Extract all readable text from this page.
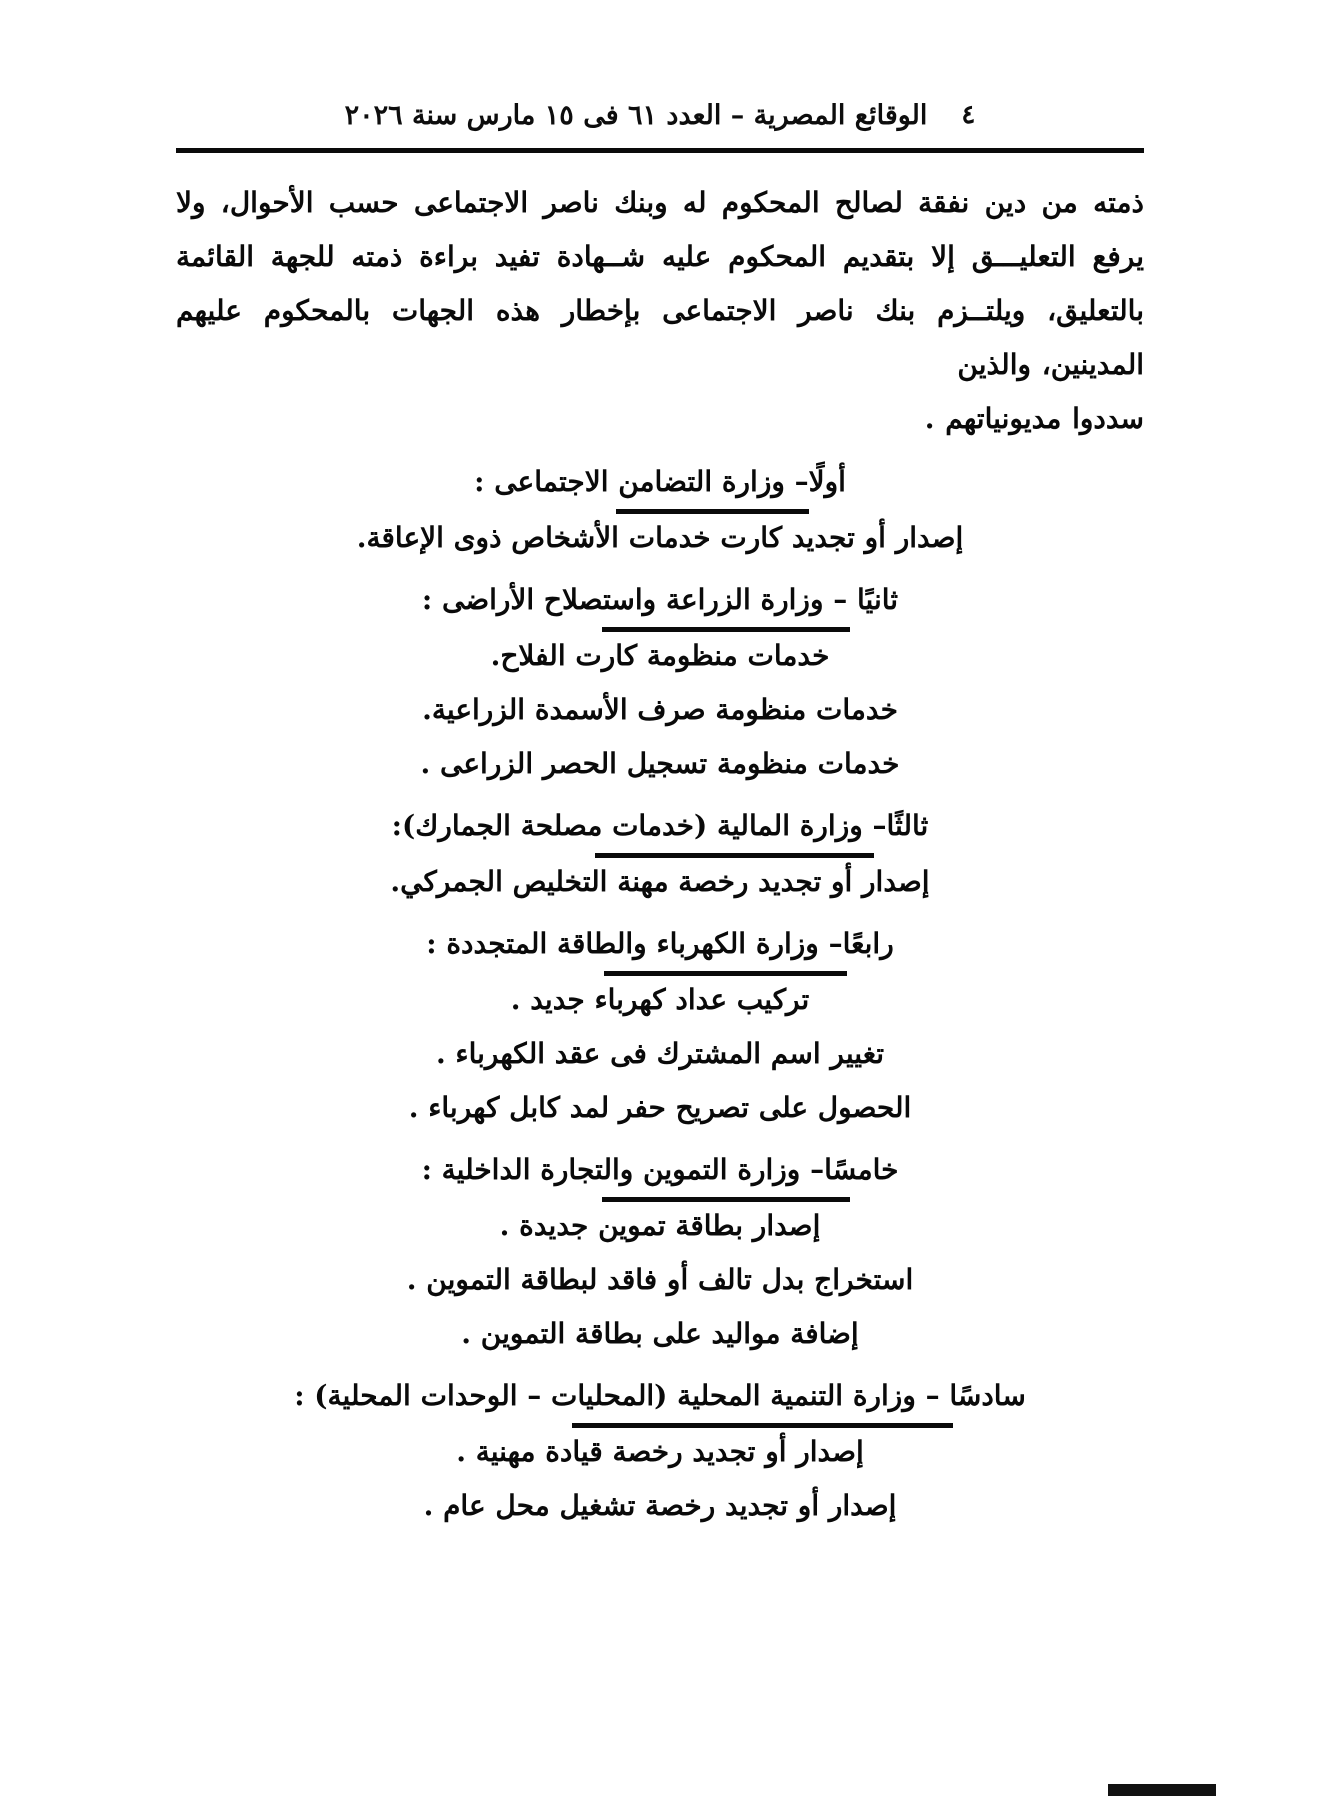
الوقائع المصرية – العدد ٦١ فى ١٥ مارس سنة ٢٠٢٦ ٤

ذمته من دين نفقة لصالح المحكوم له وبنك ناصر الاجتماعى حسب الأحوال، ولا يرفع التعليـــق إلا بتقديم المحكوم عليه شــهادة تفيد براءة ذمته للجهة القائمة بالتعليق، ويلتــزم بنك ناصر الاجتماعى بإخطار هذه الجهات بالمحكوم عليهم المدينين، والذين
سددوا مديونياتهم .

أولًا– وزارة التضامن الاجتماعى :
إصدار أو تجديد كارت خدمات الأشخاص ذوى الإعاقة.
ثانيًا – وزارة الزراعة واستصلاح الأراضى :
خدمات منظومة كارت الفلاح.
خدمات منظومة صرف الأسمدة الزراعية.
خدمات منظومة تسجيل الحصر الزراعى .
ثالثًا– وزارة المالية (خدمات مصلحة الجمارك):
إصدار أو تجديد رخصة مهنة التخليص الجمركي.
رابعًا– وزارة الكهرباء والطاقة المتجددة :
تركيب عداد كهرباء جديد .
تغيير اسم المشترك فى عقد الكهرباء .
الحصول على تصريح حفر لمد كابل كهرباء .
خامسًا– وزارة التموين والتجارة الداخلية :
إصدار بطاقة تموين جديدة .
استخراج بدل تالف أو فاقد لبطاقة التموين .
إضافة مواليد على بطاقة التموين .
سادسًا – وزارة التنمية المحلية (المحليات – الوحدات المحلية) :
إصدار أو تجديد رخصة قيادة مهنية .
إصدار أو تجديد رخصة تشغيل محل عام .
